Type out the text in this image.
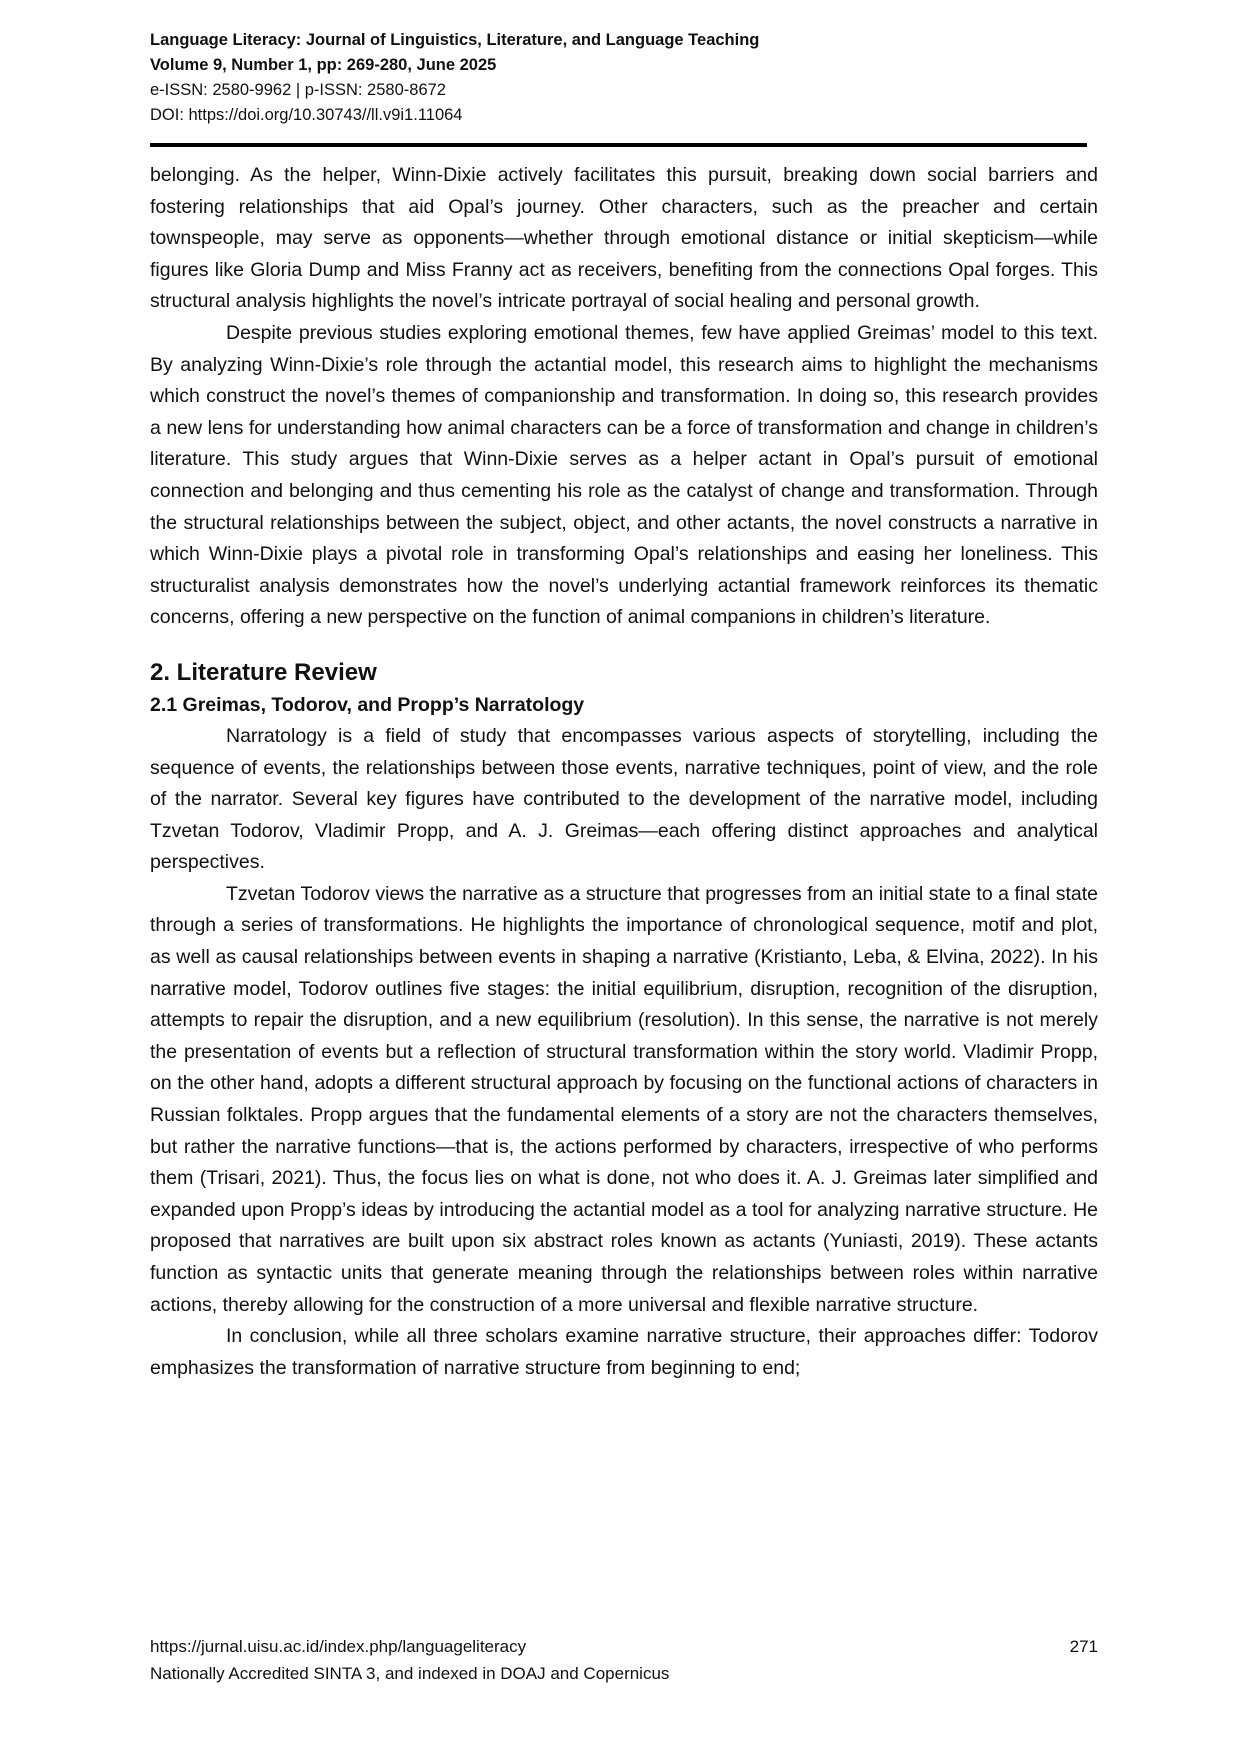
Language Literacy: Journal of Linguistics, Literature, and Language Teaching
Volume 9, Number 1, pp: 269-280, June 2025
e-ISSN: 2580-9962 | p-ISSN: 2580-8672
DOI: https://doi.org/10.30743//ll.v9i1.11064

belonging. As the helper, Winn-Dixie actively facilitates this pursuit, breaking down social barriers and fostering relationships that aid Opal’s journey. Other characters, such as the preacher and certain townspeople, may serve as opponents—whether through emotional distance or initial skepticism—while figures like Gloria Dump and Miss Franny act as receivers, benefiting from the connections Opal forges. This structural analysis highlights the novel’s intricate portrayal of social healing and personal growth.

Despite previous studies exploring emotional themes, few have applied Greimas’ model to this text. By analyzing Winn-Dixie’s role through the actantial model, this research aims to highlight the mechanisms which construct the novel’s themes of companionship and transformation. In doing so, this research provides a new lens for understanding how animal characters can be a force of transformation and change in children’s literature. This study argues that Winn-Dixie serves as a helper actant in Opal’s pursuit of emotional connection and belonging and thus cementing his role as the catalyst of change and transformation. Through the structural relationships between the subject, object, and other actants, the novel constructs a narrative in which Winn-Dixie plays a pivotal role in transforming Opal’s relationships and easing her loneliness. This structuralist analysis demonstrates how the novel’s underlying actantial framework reinforces its thematic concerns, offering a new perspective on the function of animal companions in children’s literature.

2. Literature Review
2.1 Greimas, Todorov, and Propp’s Narratology

Narratology is a field of study that encompasses various aspects of storytelling, including the sequence of events, the relationships between those events, narrative techniques, point of view, and the role of the narrator. Several key figures have contributed to the development of the narrative model, including Tzvetan Todorov, Vladimir Propp, and A. J. Greimas—each offering distinct approaches and analytical perspectives.

Tzvetan Todorov views the narrative as a structure that progresses from an initial state to a final state through a series of transformations. He highlights the importance of chronological sequence, motif and plot, as well as causal relationships between events in shaping a narrative (Kristianto, Leba, & Elvina, 2022). In his narrative model, Todorov outlines five stages: the initial equilibrium, disruption, recognition of the disruption, attempts to repair the disruption, and a new equilibrium (resolution). In this sense, the narrative is not merely the presentation of events but a reflection of structural transformation within the story world. Vladimir Propp, on the other hand, adopts a different structural approach by focusing on the functional actions of characters in Russian folktales. Propp argues that the fundamental elements of a story are not the characters themselves, but rather the narrative functions—that is, the actions performed by characters, irrespective of who performs them (Trisari, 2021). Thus, the focus lies on what is done, not who does it. A. J. Greimas later simplified and expanded upon Propp’s ideas by introducing the actantial model as a tool for analyzing narrative structure. He proposed that narratives are built upon six abstract roles known as actants (Yuniasti, 2019). These actants function as syntactic units that generate meaning through the relationships between roles within narrative actions, thereby allowing for the construction of a more universal and flexible narrative structure.

In conclusion, while all three scholars examine narrative structure, their approaches differ: Todorov emphasizes the transformation of narrative structure from beginning to end;

https://jurnal.uisu.ac.id/index.php/languageliteracy	271
Nationally Accredited SINTA 3, and indexed in DOAJ and Copernicus
